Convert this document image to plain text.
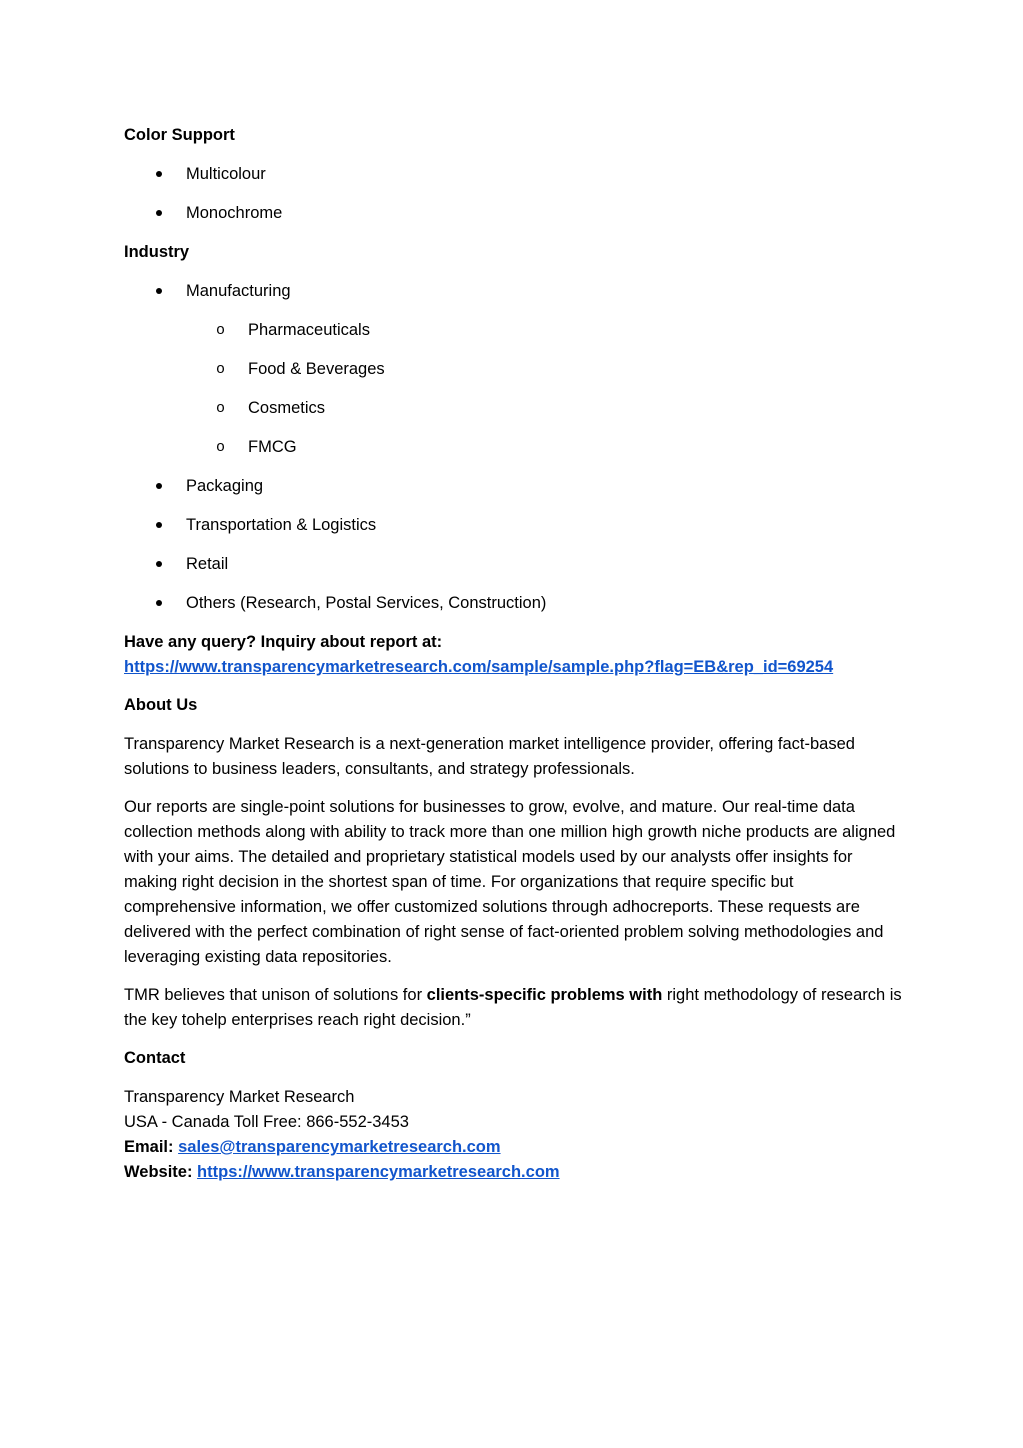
Color Support
Multicolour
Monochrome
Industry
Manufacturing
o Pharmaceuticals
o Food & Beverages
o Cosmetics
o FMCG
Packaging
Transportation & Logistics
Retail
Others (Research, Postal Services, Construction)
Have any query? Inquiry about report at:
https://www.transparencymarketresearch.com/sample/sample.php?flag=EB&rep_id=69254
About Us

Transparency Market Research is a next-generation market intelligence provider, offering fact-based solutions to business leaders, consultants, and strategy professionals.

Our reports are single-point solutions for businesses to grow, evolve, and mature. Our real-time data collection methods along with ability to track more than one million high growth niche products are aligned with your aims. The detailed and proprietary statistical models used by our analysts offer insights for making right decision in the shortest span of time. For organizations that require specific but comprehensive information, we offer customized solutions through adhocreports. These requests are delivered with the perfect combination of right sense of fact-oriented problem solving methodologies and leveraging existing data repositories.

TMR believes that unison of solutions for clients-specific problems with right methodology of research is the key tohelp enterprises reach right decision.”

Contact
Transparency Market Research
USA - Canada Toll Free: 866-552-3453
Email: sales@transparencymarketresearch.com
Website: https://www.transparencymarketresearch.com
